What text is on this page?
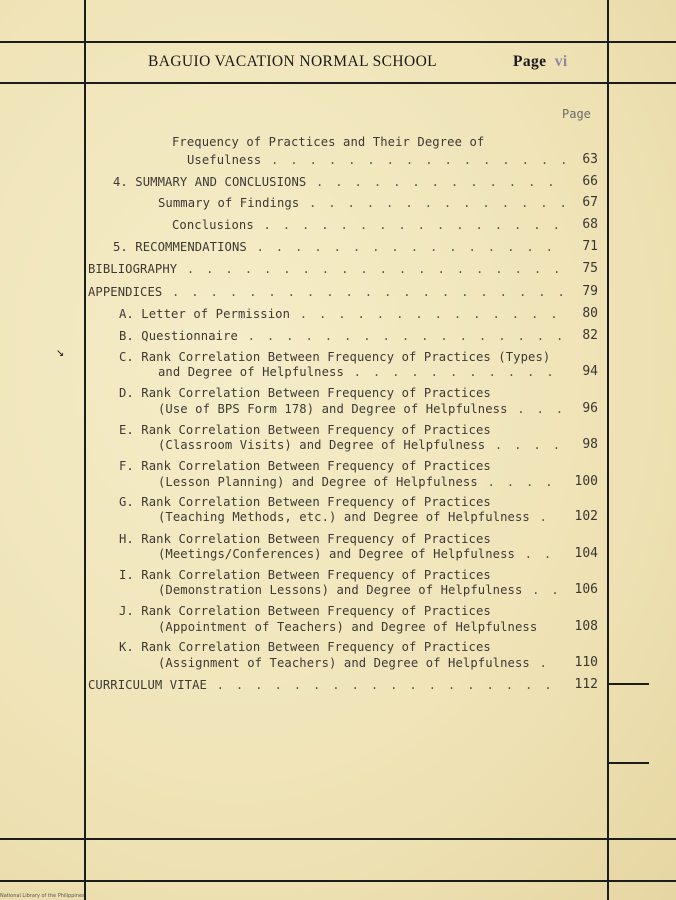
BAGUIO VACATION NORMAL SCHOOL	Page vi
Page
Frequency of Practices and Their Degree of
Usefulness . . . . . . . . . . . . . . . . 63
4. SUMMARY AND CONCLUSIONS . . . . . . . . . . . . .	66
Summary of Findings . . . . . . . . . . . . . .	67
Conclusions . . . . . . . . . . . . . . . .	68
5. RECOMMENDATIONS . . . . . . . . . . . . . . . .	71
BIBLIOGRAPHY . . . . . . . . . . . . . . . . . . . .	75
APPENDICES . . . . . . . . . . . . . . . . . . . . .	79
A. Letter of Permission . . . . . . . . . . . . . .	80
B. Questionnaire . . . . . . . . . . . . . . . . .	82
C. Rank Correlation Between Frequency of Practices (Types)
and Degree of Helpfulness . . . . . . . . . . .	94
D. Rank Correlation Between Frequency of Practices
(Use of BPS Form 178) and Degree of Helpfulness . . .	96
E. Rank Correlation Between Frequency of Practices
(Classroom Visits) and Degree of Helpfulness . . . .	98
F. Rank Correlation Between Frequency of Practices
(Lesson Planning) and Degree of Helpfulness . . . .	100
G. Rank Correlation Between Frequency of Practices
(Teaching Methods, etc.) and Degree of Helpfulness .	102
H. Rank Correlation Between Frequency of Practices
(Meetings/Conferences) and Degree of Helpfulness . .	104
I. Rank Correlation Between Frequency of Practices
(Demonstration Lessons) and Degree of Helpfulness . .	106
J. Rank Correlation Between Frequency of Practices
(Appointment of Teachers) and Degree of Helpfulness	108
K. Rank Correlation Between Frequency of Practices
(Assignment of Teachers) and Degree of Helpfulness .	110
CURRICULUM VITAE . . . . . . . . . . . . . . . . . .	112
↘
National Library of the Philippines
